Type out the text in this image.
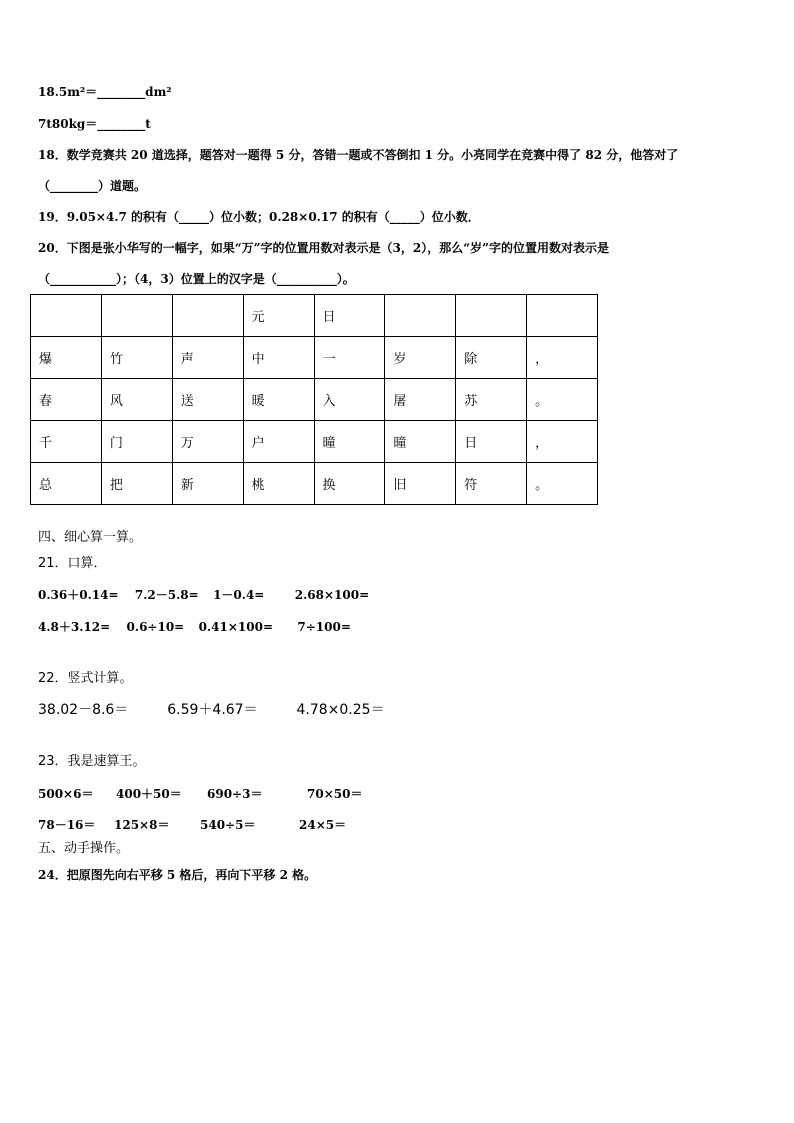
18.5m²＝________dm²
7t80kg＝________t
18．数学竞赛共 20 道选择，题答对一题得 5 分，答错一题或不答倒扣 1 分。小亮同学在竞赛中得了 82 分，他答对了
（________）道题。
19．9.05×4.7 的积有（_____）位小数；0.28×0.17 的积有（_____）位小数．
20．下图是张小华写的一幅字，如果“万”字的位置用数对表示是（3，2），那么“岁”字的位置用数对表示是
（___________）；（4，3）位置上的汉字是（__________）。
			元	日			
爆	竹	声	中	一	岁	除	，
春	风	送	暖	入	屠	苏	。
千	门	万	户	曈	曈	日	，
总	把	新	桃	换	旧	符	。
四、细心算一算。
21．口算．
0.36＋0.14= 7.2－5.8= 1－0.4=	2.68×100=
4.8＋3.12= 0.6÷10= 0.41×100= 7÷100=
22．竖式计算。
38.02－8.6＝	6.59＋4.67＝	4.78×0.25＝
23．我是速算王。
500×6＝ 400＋50＝ 690÷3＝	70×50＝
78－16＝ 125×8＝	540÷5＝	24×5＝
五、动手操作。
24．把原图先向右平移 5 格后，再向下平移 2 格。
